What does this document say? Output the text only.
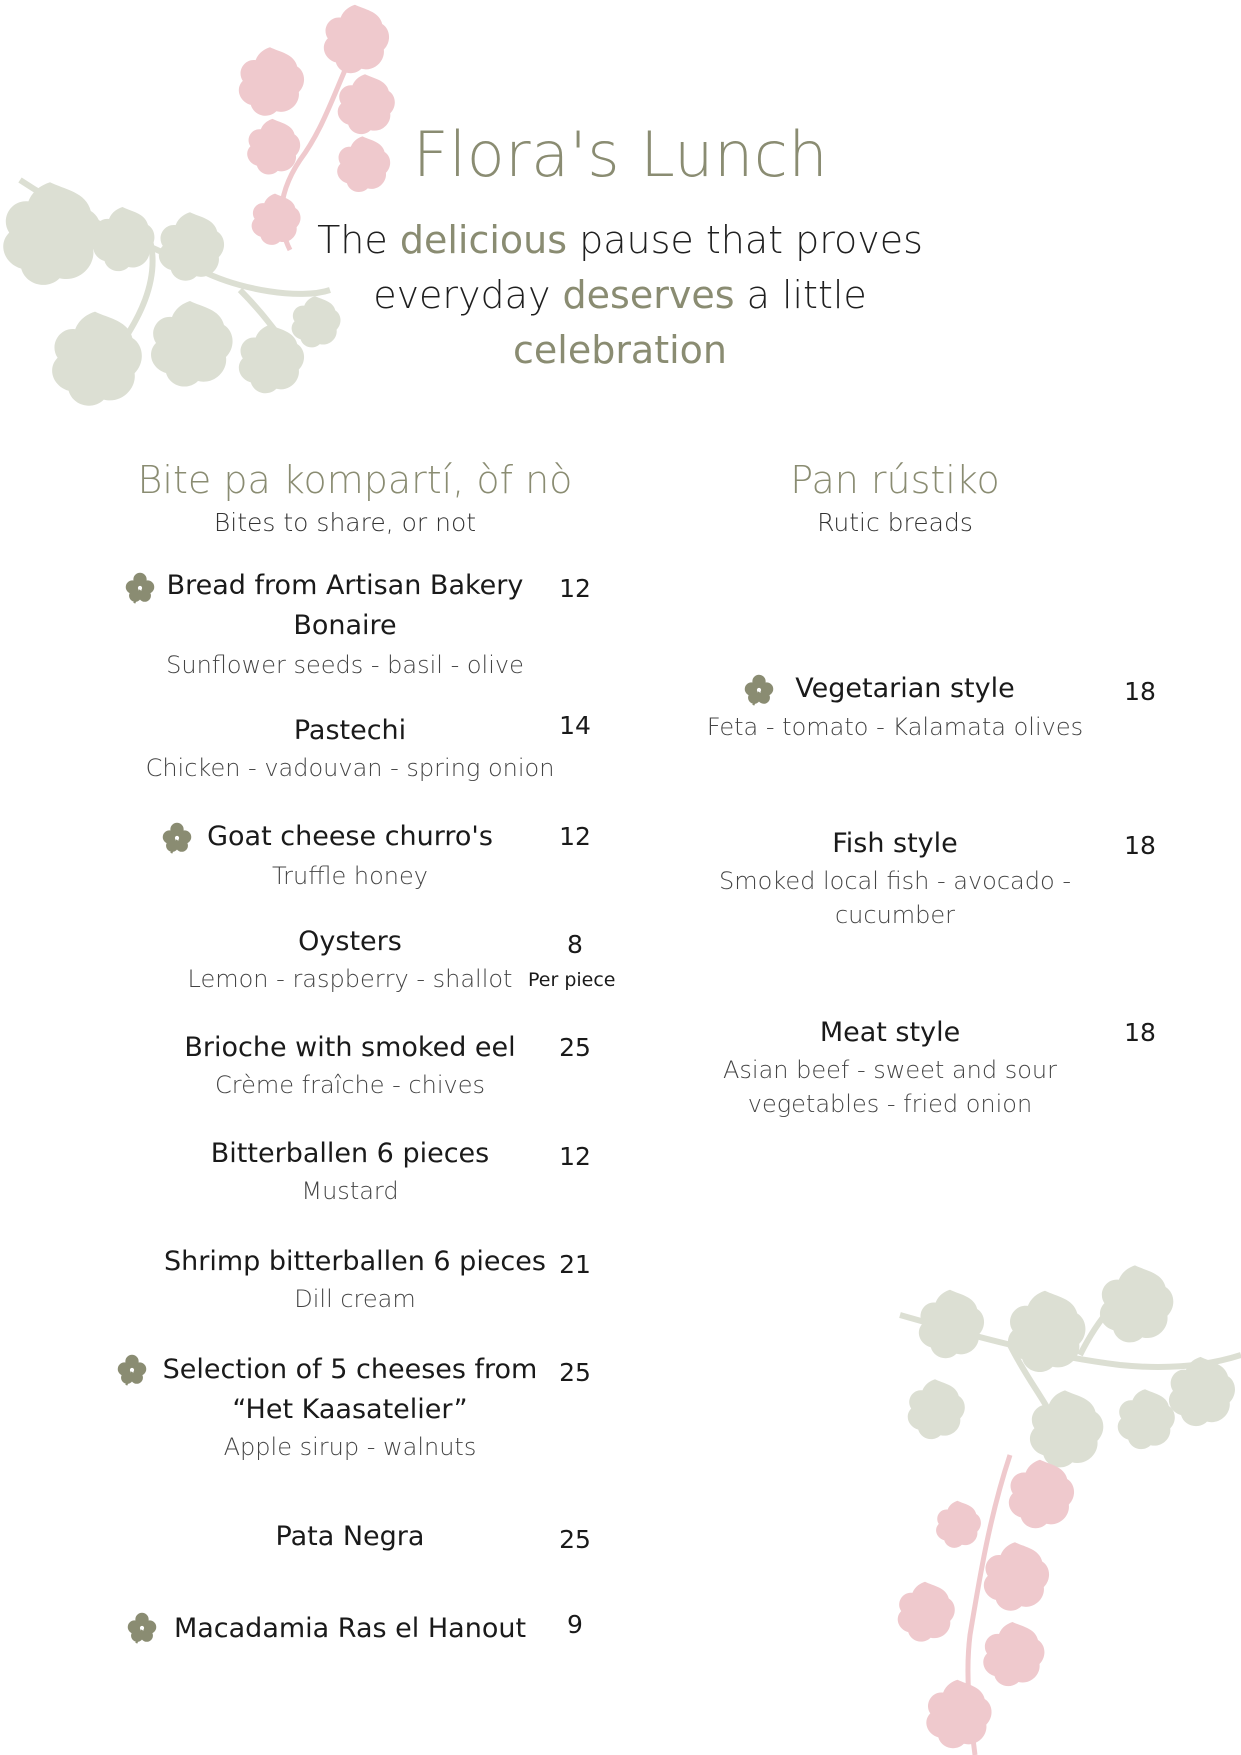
Flora's Lunch
The delicious pause that proves
everyday deserves a little
celebration
Bite pa kompartí, òf nò
Bites to share, or not
Bread from Artisan Bakery Bonaire
Sunflower seeds - basil - olive
12
Pastechi
Chicken - vadouvan - spring onion
14
Goat cheese churro's
Truffle honey
12
Oysters
Lemon - raspberry - shallot
8
Per piece
Brioche with smoked eel
Crème fraîche - chives
25
Bitterballen 6 pieces
Mustard
12
Shrimp bitterballen 6 pieces
Dill cream
21
Selection of 5 cheeses from
“Het Kaasatelier”
Apple sirup - walnuts
25
Pata Negra	25
Macadamia Ras el Hanout	9
Pan rústiko
Rutic breads
Vegetarian style
Feta - tomato - Kalamata olives
18
Fish style
Smoked local fish - avocado - cucumber
18
Meat style
Asian beef - sweet and sour vegetables - fried onion
18
